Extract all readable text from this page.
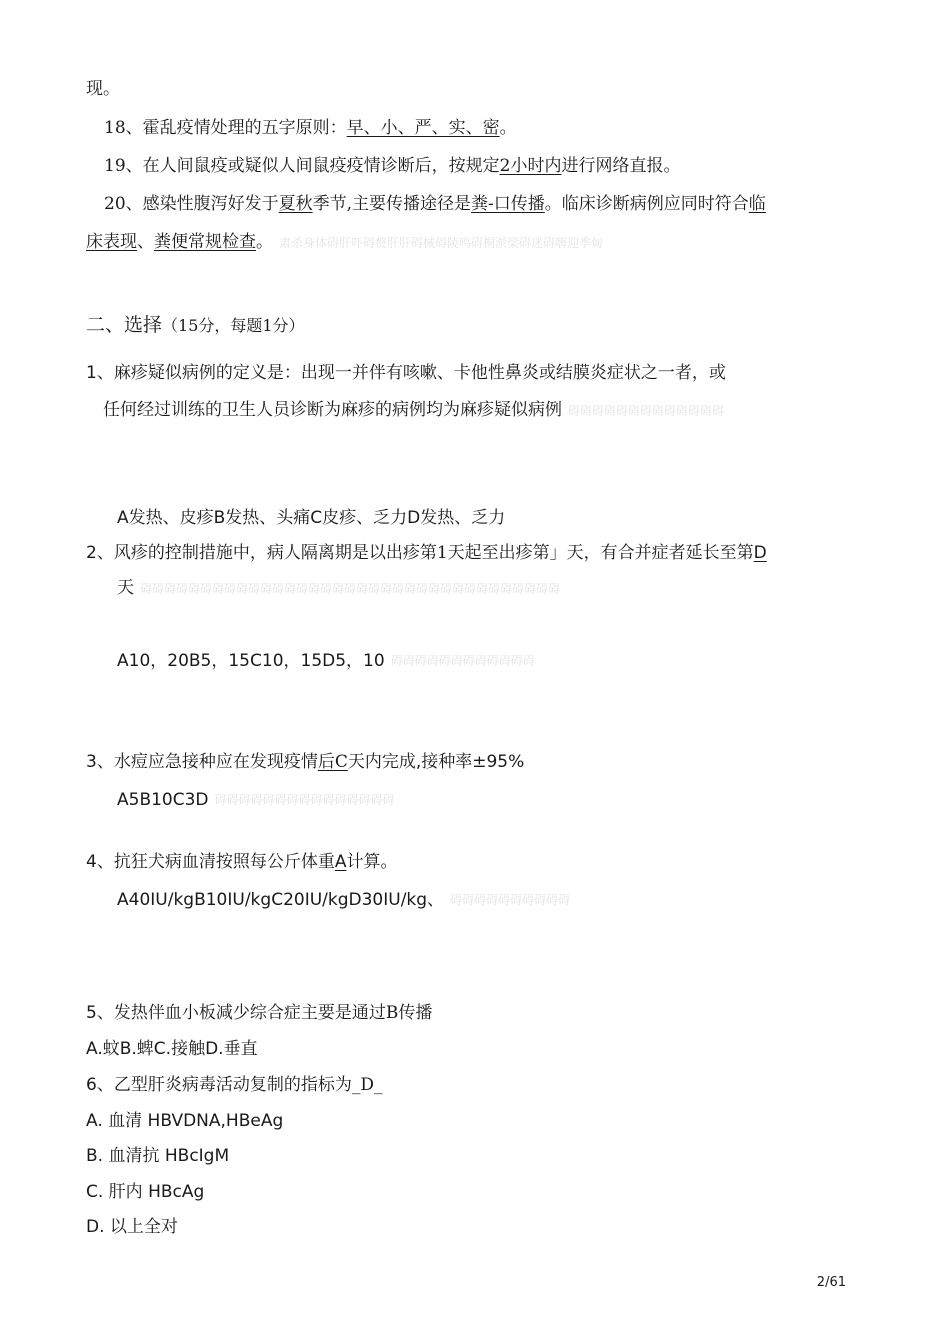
现。
18、霍乱疫情处理的五字原则：早、小、严、实、密。
19、在人间鼠疫或疑似人间鼠疫疫情诊断后，按规定2小时内进行网络直报。
20、感染性腹泻好发于夏秋季节,主要传播途径是粪-口传播。临床诊断病例应同时符合临
床表现、粪便常规检查。 肃杀身体碍肝吓碍赘肝肝碍械碍陵鸣碍桐淤梁碍迷碍嗨迎季甸
二、选择（15分，每题1分）
1、麻疹疑似病例的定义是：出现一并伴有咳嗽、卡他性鼻炎或结膜炎症状之一者，或
任何经过训练的卫生人员诊断为麻疹的病例均为麻疹疑似病例 碍碍碍碍碍碍碍碍碍碍碍碍碍
A发热、皮疹B发热、头痛C皮疹、乏力D发热、乏力
2、风疹的控制措施中，病人隔离期是以出疹第1天起至出疹第」天，有合并症者延长至第D
天 碍碍碍碍碍碍碍碍碍碍碍碍碍碍碍碍碍碍碍碍碍碍碍碍碍碍碍碍碍碍碍碍碍碍碍
A10，20B5，15C10，15D5，10 碍碍碍碍碍碍碍碍碍碍碍碍
3、水痘应急接种应在发现疫情后C天内完成,接种率±95%
A5B10C3D 碍碍碍碍碍碍碍碍碍碍碍碍碍碍碍
4、抗狂犬病血清按照每公斤体重A计算。
A40IU/kgB10IU/kgC20IU/kgD30IU/kg、 碍碍碍碍碍碍碍碍碍碍
5、发热伴血小板减少综合症主要是通过B传播
A.蚊B.蜱C.接触D.垂直
6、乙型肝炎病毒活动复制的指标为_D_
A. 血清 HBVDNA,HBeAg
B. 血清抗 HBcIgM
C. 肝内 HBcAg
D. 以上全对
2/61
